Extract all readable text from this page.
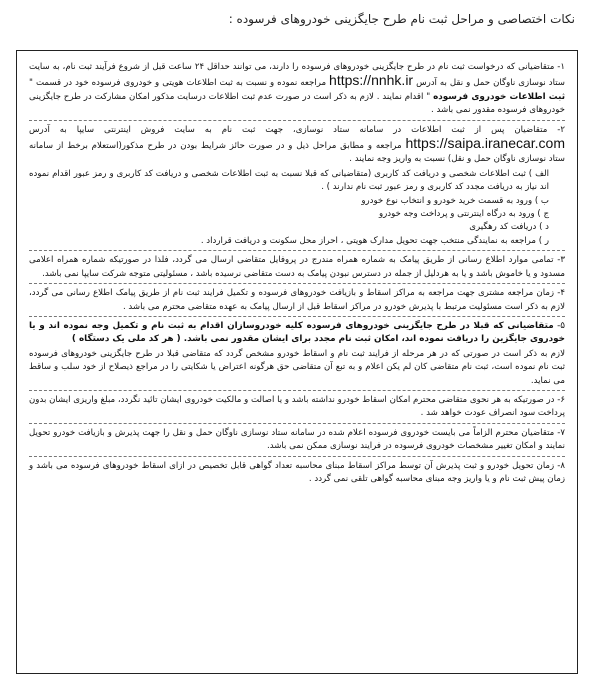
نکات اختصاصی و مراحل ثبت نام طرح جایگزینی خودروهای فرسوده :
۱- متقاضیانی که درخواست ثبت نام در طرح جایگزینی خودروهای فرسوده را دارند، می توانند حداقل ۲۴ ساعت قبل از شروع فرآیند ثبت نام، به سایت ستاد نوسازی ناوگان حمل و نقل به آدرس https://nnhk.ir مراجعه نموده و نسبت به ثبت اطلاعات هویتی و خودروی فرسوده خود در قسمت " ثبت اطلاعات خودروی فرسوده " اقدام نمایند . لازم به ذکر است در صورت عدم ثبت اطلاعات درسایت مذکور امکان مشارکت در طرح جایگزینی خودروهای فرسوده مقدور نمی باشد .
۲- متقاضیان پس از ثبت اطلاعات در سامانه ستاد نوسازی، جهت ثبت نام به سایت فروش اینترنتی سایپا به آدرس https://saipa.iranecar.com مراجعه و مطابق مراحل ذیل و در صورت حائز شرایط بودن در طرح مذکور(استعلام برخط از سامانه ستاد نوسازی ناوگان حمل و نقل) نسبت به واریز وجه نمایند .
الف ) ثبت اطلاعات شخصی و دریافت کد کاربری (متقاضیانی که قبلا نسبت به ثبت اطلاعات شخصی و دریافت کد کاربری و رمز عبور اقدام نموده اند نیاز به دریافت مجدد کد کاربری و رمز عبور ثبت نام ندارند ) .
ب ) ورود به قسمت خرید خودرو و انتخاب نوع خودرو
ج ) ورود به درگاه اینترنتی و پرداخت وجه خودرو
د ) دریافت کد رهگیری
ر ) مراجعه به نمایندگی منتخب جهت تحویل مدارک هویتی ، احراز محل سکونت و دریافت قرارداد .
۳- تمامی موارد اطلاع رسانی از طریق پیامک به شماره همراه مندرج در پروفایل متقاضی ارسال می گردد، فلذا در صورتیکه شماره همراه اعلامی مسدود و یا خاموش باشد و یا به هردلیل از جمله در دسترس نبودن پیامک به دست متقاضی نرسیده باشد ، مسئولیتی متوجه شرکت سایپا نمی باشد.
۴- زمان مراجعه مشتری جهت مراجعه به مراکز اسقاط و بازیافت خودروهای فرسوده و تکمیل فرایند ثبت نام از طریق پیامک اطلاع رسانی می گردد، لازم به ذکر است مسئولیت مرتبط با پذیرش خودرو در مراکز اسقاط قبل از ارسال پیامک به عهده متقاضی محترم می باشد .
۵- متقاضیانی که قبلا در طرح جایگزینی خودروهای فرسوده کلیه خودروسازان اقدام به ثبت نام و تکمیل وجه نموده اند و یا خودروی جایگزین را دریافت نموده اند، امکان ثبت نام مجدد برای ایشان مقدور نمی باشد. ( هر کد ملی یک دستگاه )
لازم به ذکر است در صورتی که در هر مرحله از فرایند ثبت نام و اسقاط خودرو مشخص گردد که متقاضی قبلا در طرح جایگزینی خودروهای فرسوده ثبت نام نموده است، ثبت نام متقاضی کان لم یکن اعلام و به تبع آن متقاضی حق هرگونه اعتراض یا شکایتی را در مراجع ذیصلاح از خود سلب و ساقط می نماید.
۶- در صورتیکه به هر نحوی متقاضی محترم امکان اسقاط خودرو نداشته باشد و یا اصالت و مالکیت خودروی ایشان تائید نگردد، مبلغ واریزی ایشان بدون پرداخت سود انصراف عودت خواهد شد .
۷- متقاضیان محترم الزاماً می بایست خودروی فرسوده اعلام شده در سامانه ستاد نوسازی ناوگان حمل و نقل را جهت پذیرش و بازیافت خودرو تحویل نمایند و امکان تغییر مشخصات خودروی فرسوده در فرایند نوسازی ممکن نمی باشد.
۸- زمان تحویل خودرو و ثبت پذیرش آن توسط مراکز اسقاط مبنای محاسبه تعداد گواهی قابل تخصیص در ازای اسقاط خودروهای فرسوده می باشد و زمان پیش ثبت نام و یا واریز وجه مبنای محاسبه گواهی تلقی نمی گردد .
